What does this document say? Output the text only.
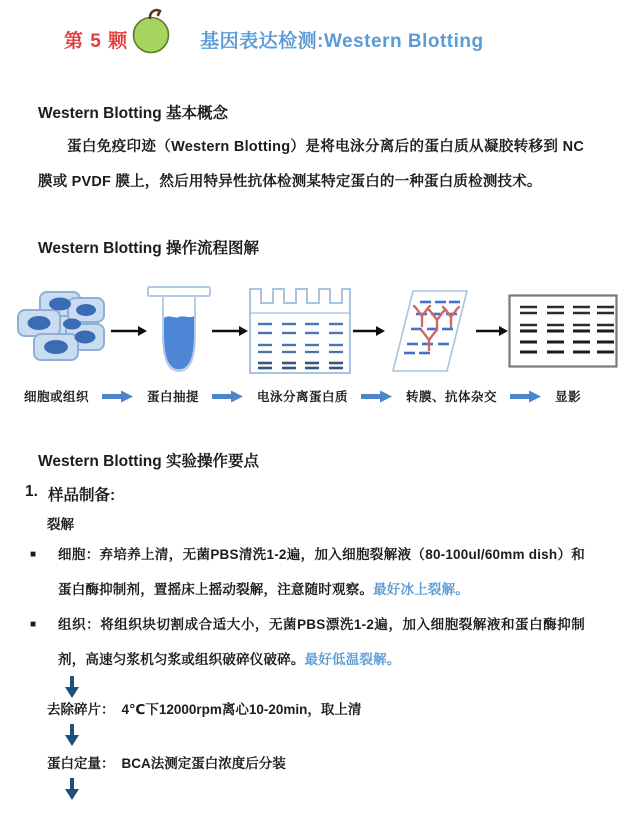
第 5 颗	基因表达检测:Western Blotting
Western Blotting 基本概念
蛋白免疫印迹（Western Blotting）是将电泳分离后的蛋白质从凝胶转移到 NC 膜或 PVDF 膜上，然后用特异性抗体检测某特定蛋白的一种蛋白质检测技术。
Western Blotting 操作流程图解
细胞或组织	蛋白抽提	电泳分离蛋白质	转膜、抗体杂交	显影
Western Blotting 实验操作要点
1. 样品制备:
裂解
■	细胞：弃培养上清，无菌PBS清洗1-2遍，加入细胞裂解液（80-100ul/60mm dish）和蛋白酶抑制剂，置摇床上摇动裂解，注意随时观察。最好冰上裂解。
■	组织：将组织块切割成合适大小，无菌PBS漂洗1-2遍，加入细胞裂解液和蛋白酶抑制剂，高速匀浆机匀浆或组织破碎仪破碎。最好低温裂解。
去除碎片： 4℃下12000rpm离心10-20min，取上清
蛋白定量： BCA法测定蛋白浓度后分装
